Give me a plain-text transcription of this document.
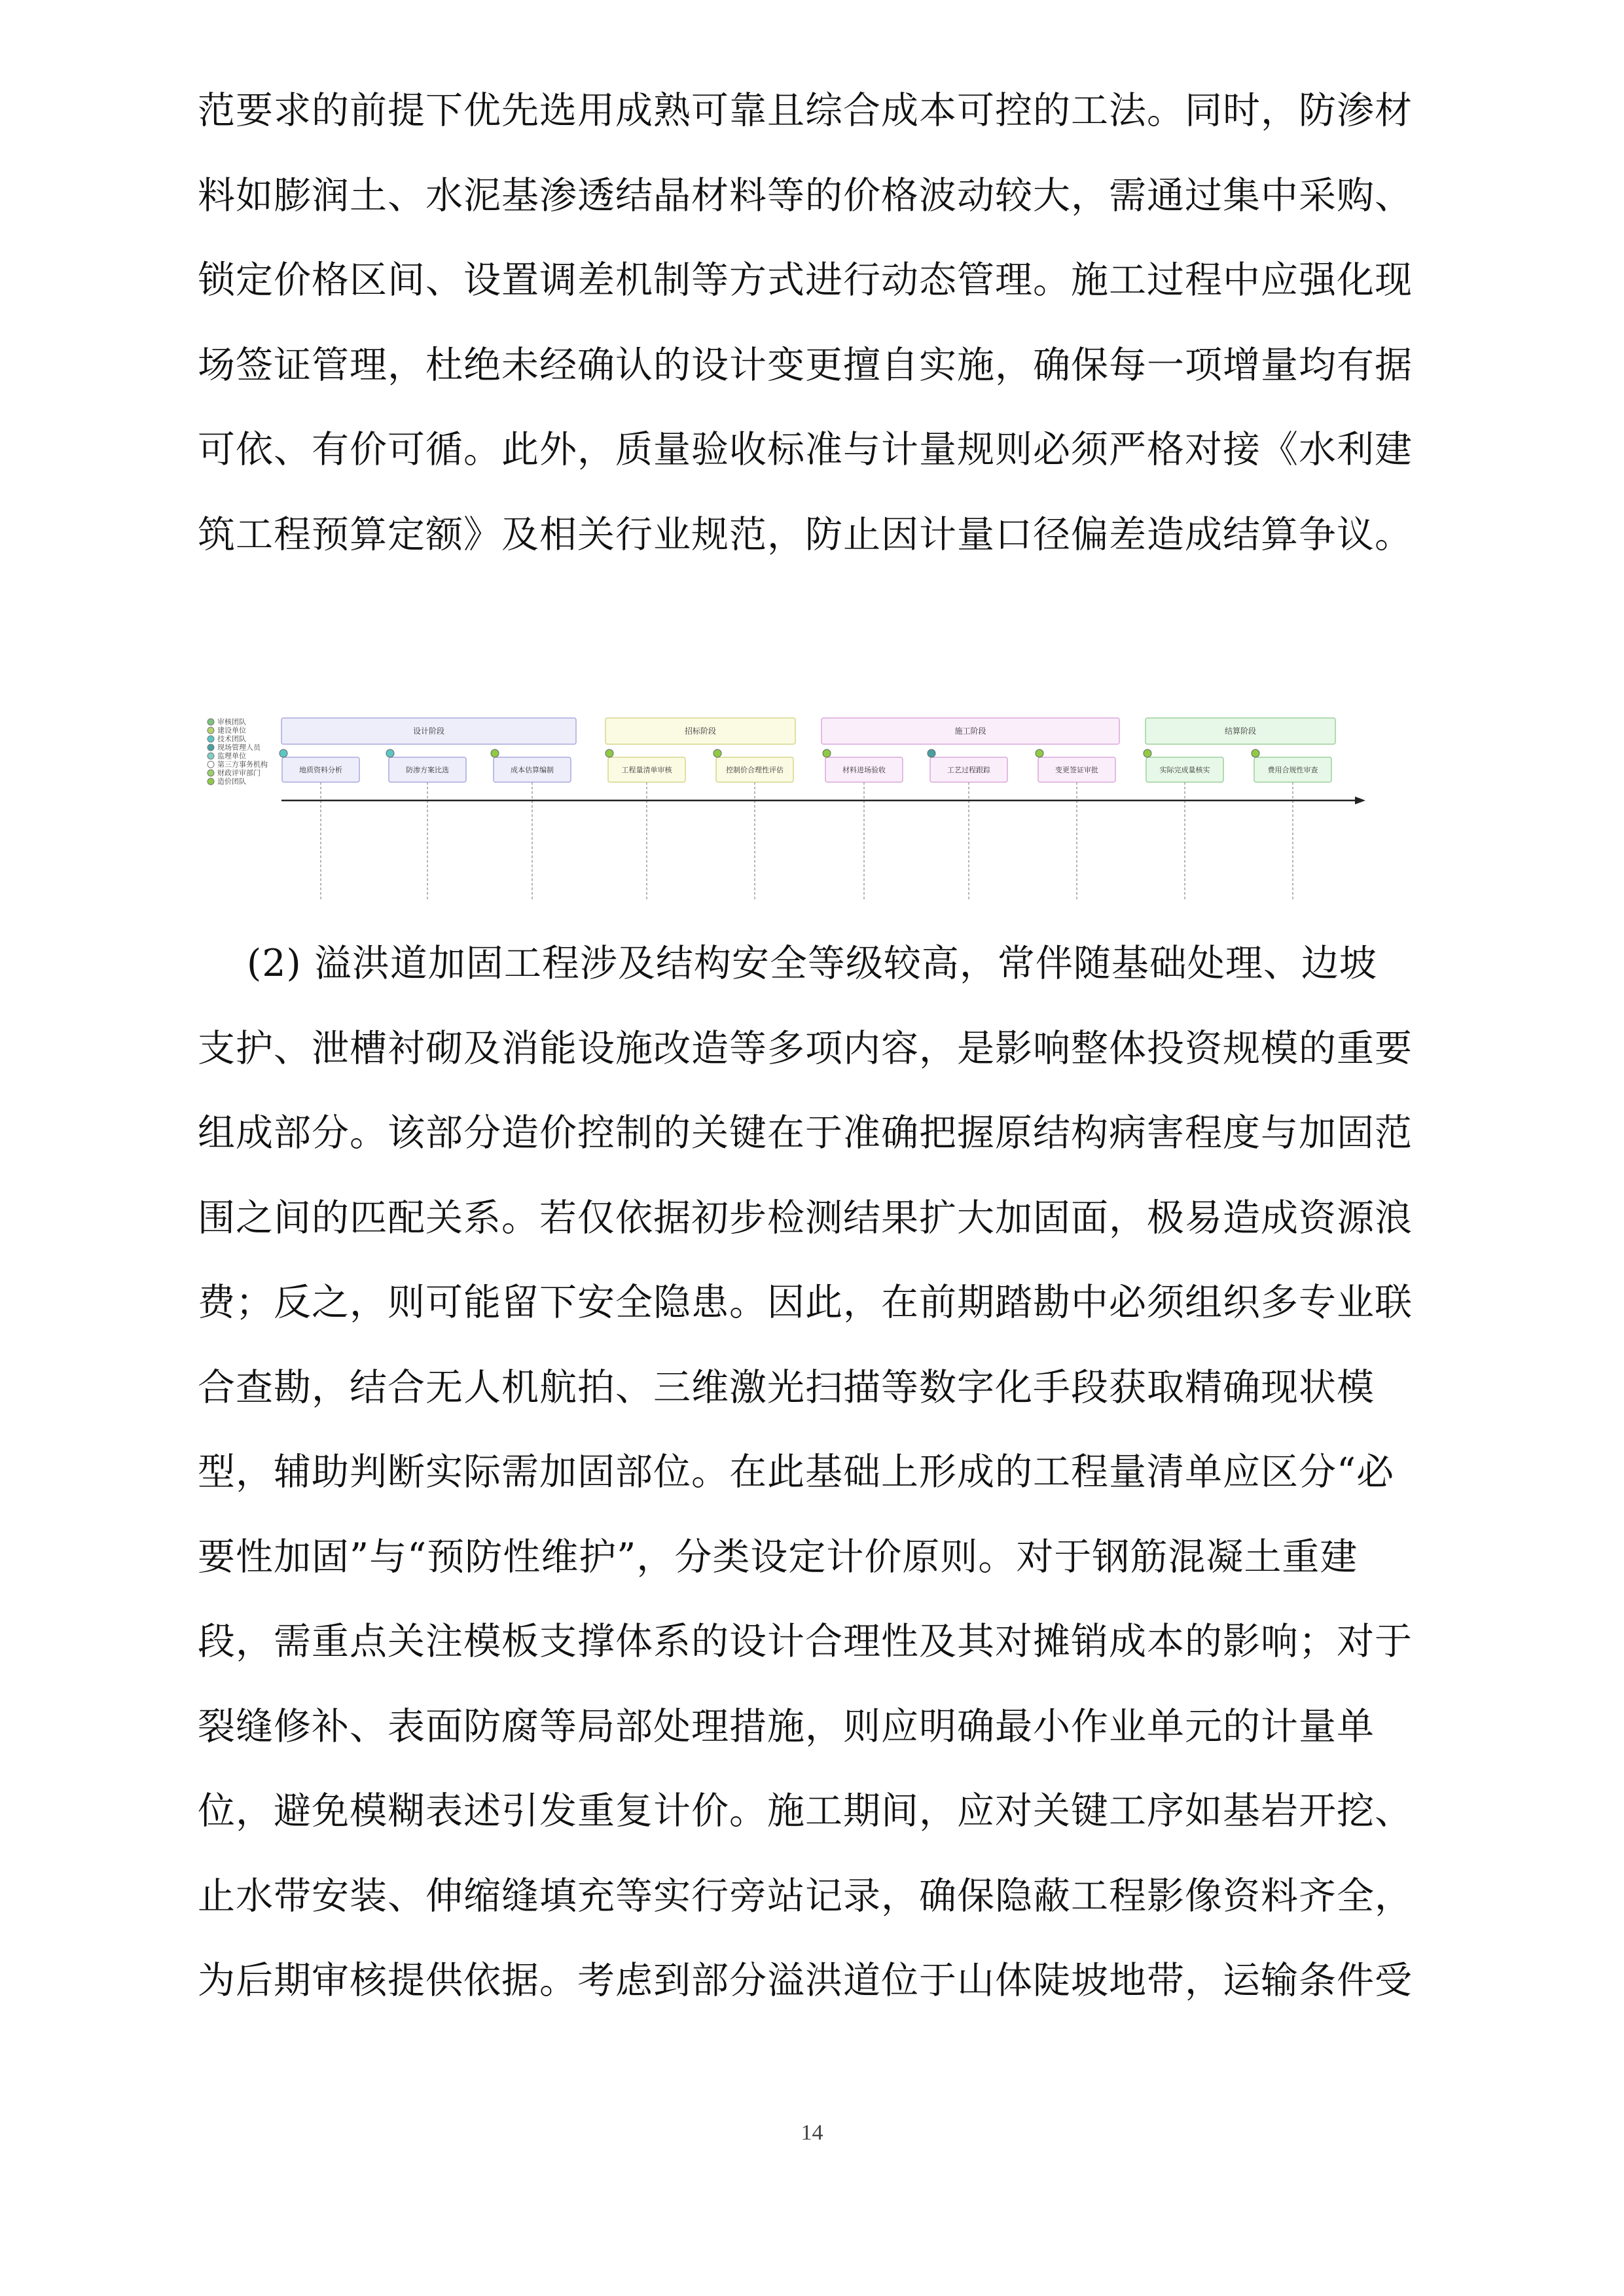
范要求的前提下优先选用成熟可靠且综合成本可控的工法。同时，防渗材
料如膨润土、水泥基渗透结晶材料等的价格波动较大，需通过集中采购、
锁定价格区间、设置调差机制等方式进行动态管理。施工过程中应强化现
场签证管理，杜绝未经确认的设计变更擅自实施，确保每一项增量均有据
可依、有价可循。此外，质量验收标准与计量规则必须严格对接《水利建
筑工程预算定额》及相关行业规范，防止因计量口径偏差造成结算争议。

审核团队
建设单位
技术团队
现场管理人员
监理单位
第三方事务机构
财政评审部门
造价团队
设计阶段
地质资料分析	防渗方案比选	成本估算编制
招标阶段
工程量清单审核	控制价合理性评估
施工阶段
材料进场验收	工艺过程跟踪	变更签证审批
结算阶段
实际完成量核实	费用合规性审查

(2) 溢洪道加固工程涉及结构安全等级较高，常伴随基础处理、边坡
支护、泄槽衬砌及消能设施改造等多项内容，是影响整体投资规模的重要
组成部分。该部分造价控制的关键在于准确把握原结构病害程度与加固范
围之间的匹配关系。若仅依据初步检测结果扩大加固面，极易造成资源浪
费；反之，则可能留下安全隐患。因此，在前期踏勘中必须组织多专业联
合查勘，结合无人机航拍、三维激光扫描等数字化手段获取精确现状模
型，辅助判断实际需加固部位。在此基础上形成的工程量清单应区分“必
要性加固”与“预防性维护”，分类设定计价原则。对于钢筋混凝土重建
段，需重点关注模板支撑体系的设计合理性及其对摊销成本的影响；对于
裂缝修补、表面防腐等局部处理措施，则应明确最小作业单元的计量单
位，避免模糊表述引发重复计价。施工期间，应对关键工序如基岩开挖、
止水带安装、伸缩缝填充等实行旁站记录，确保隐蔽工程影像资料齐全，
为后期审核提供依据。考虑到部分溢洪道位于山体陡坡地带，运输条件受

14
